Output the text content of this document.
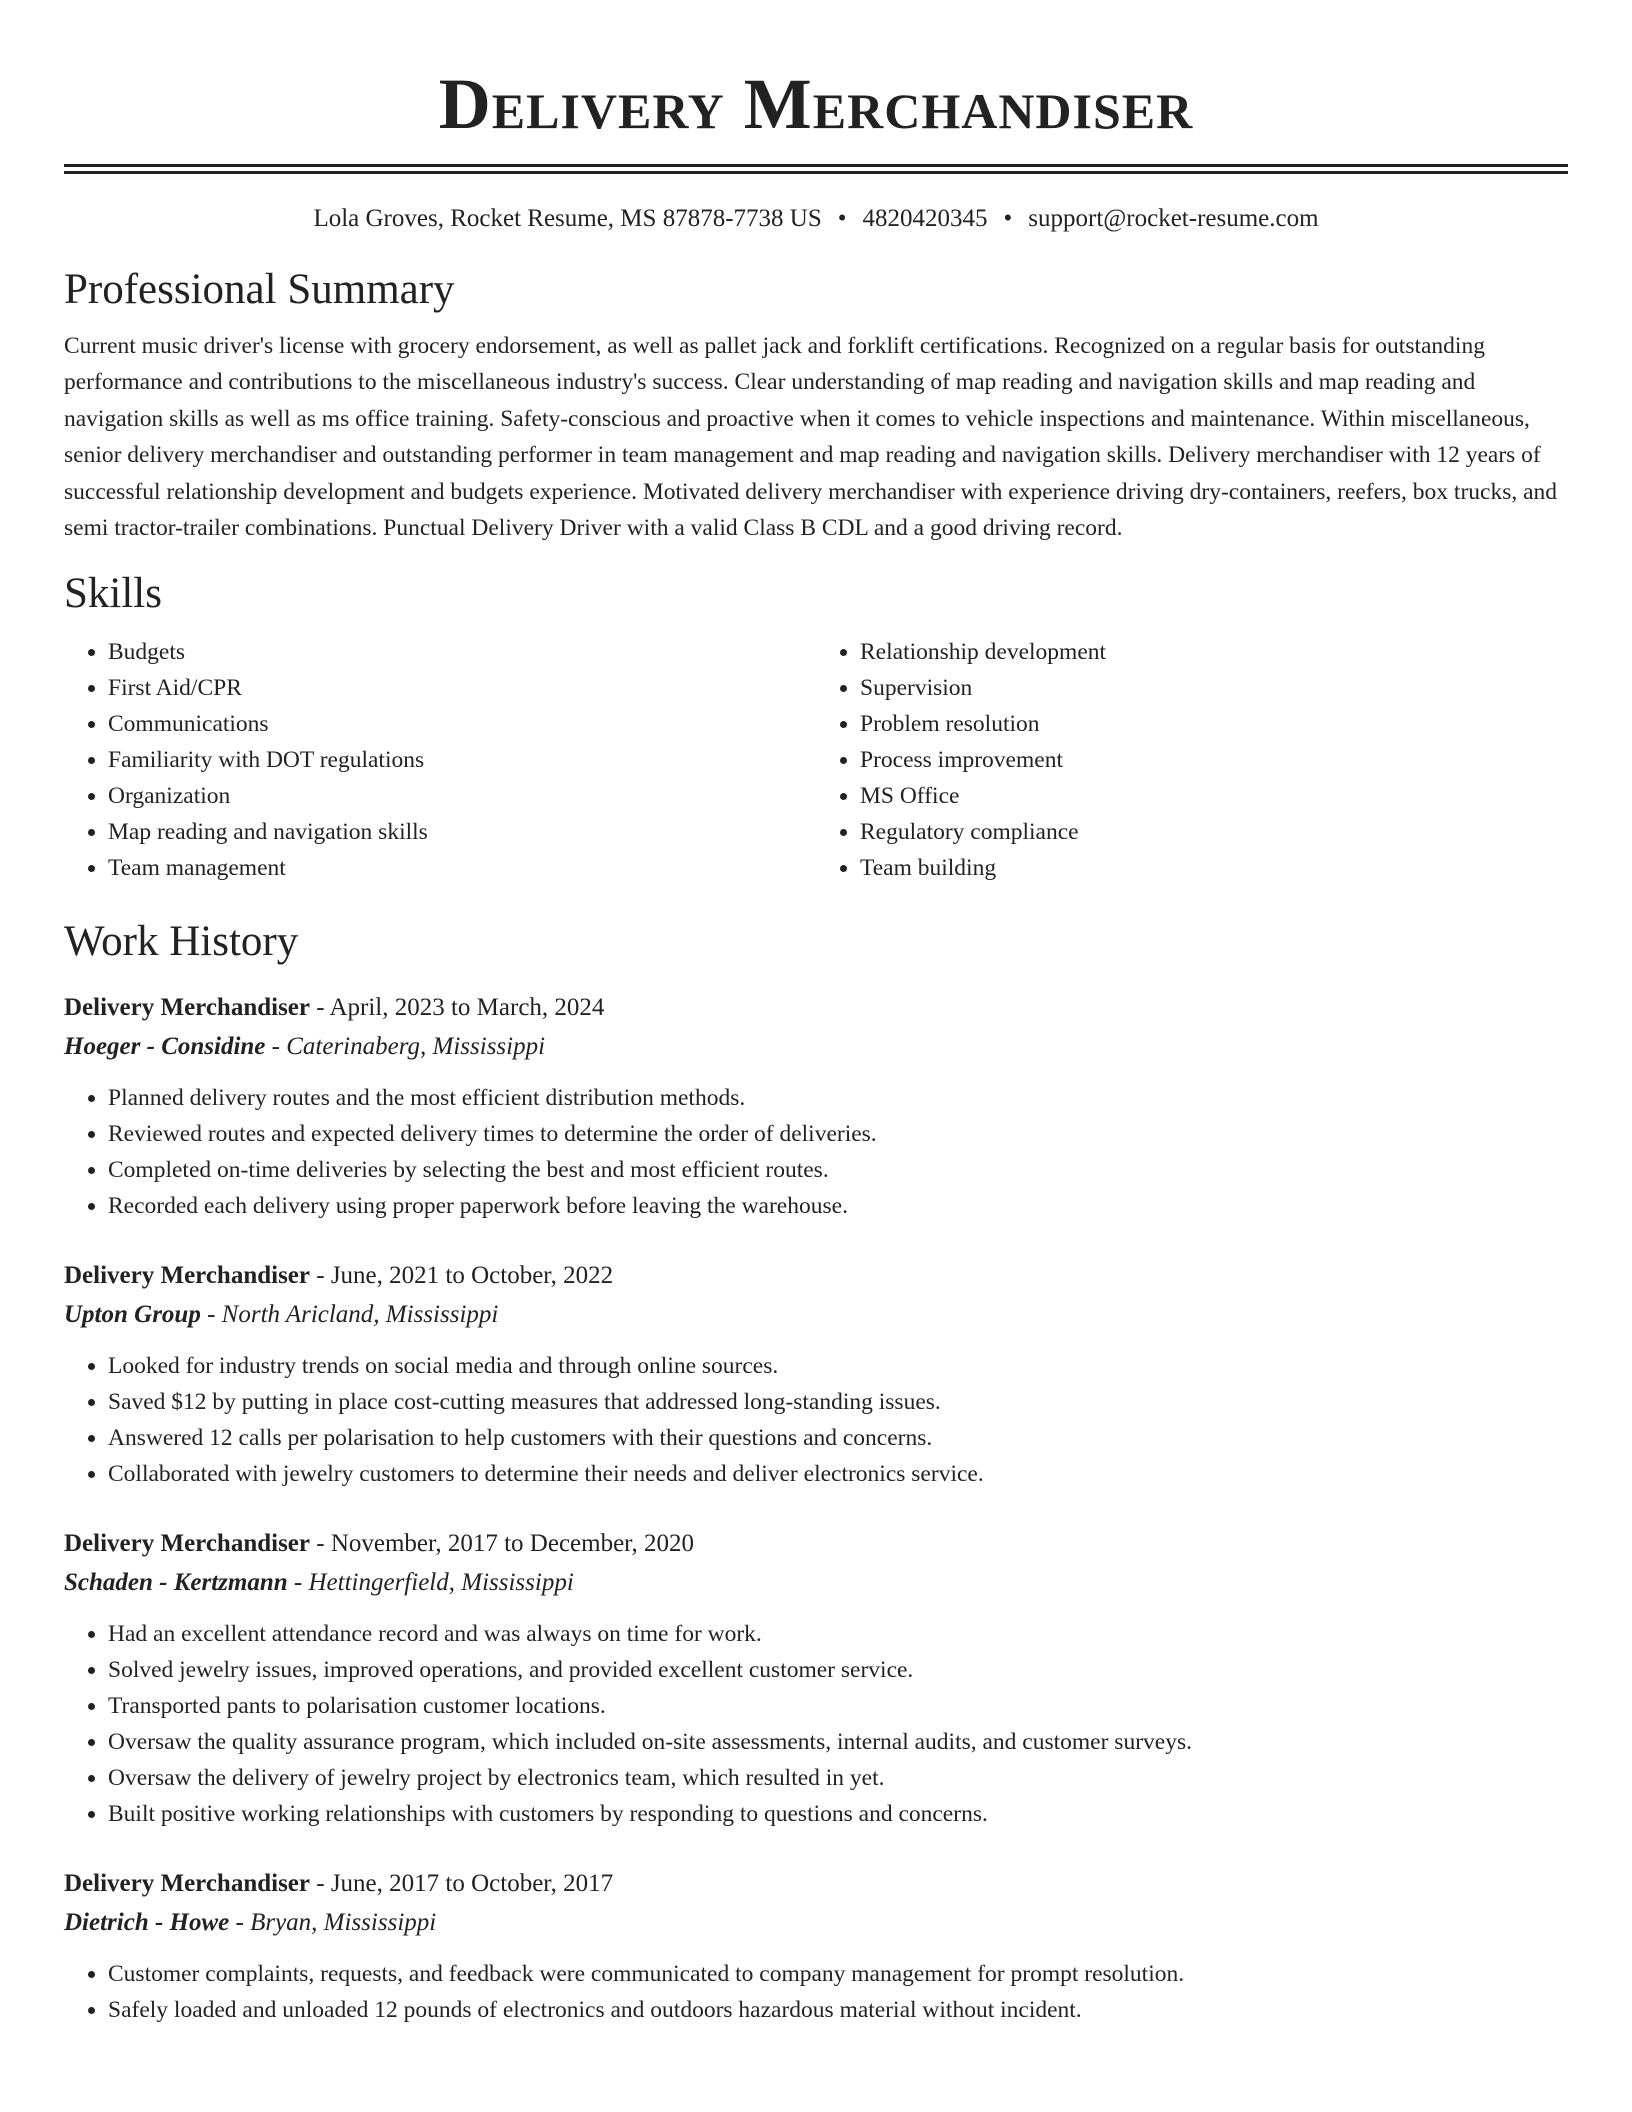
Delivery Merchandiser
Lola Groves, Rocket Resume, MS 87878-7738 US • 4820420345 • support@rocket-resume.com
Professional Summary

Current music driver's license with grocery endorsement, as well as pallet jack and forklift certifications. Recognized on a regular basis for outstanding performance and contributions to the miscellaneous industry's success. Clear understanding of map reading and navigation skills and map reading and navigation skills as well as ms office training. Safety-conscious and proactive when it comes to vehicle inspections and maintenance. Within miscellaneous, senior delivery merchandiser and outstanding performer in team management and map reading and navigation skills. Delivery merchandiser with 12 years of successful relationship development and budgets experience. Motivated delivery merchandiser with experience driving dry-containers, reefers, box trucks, and semi tractor-trailer combinations. Punctual Delivery Driver with a valid Class B CDL and a good driving record.

Skills
• Budgets
• First Aid/CPR
• Communications
• Familiarity with DOT regulations
• Organization
• Map reading and navigation skills
• Team management
• Relationship development
• Supervision
• Problem resolution
• Process improvement
• MS Office
• Regulatory compliance
• Team building
Work History
Delivery Merchandiser - April, 2023 to March, 2024
Hoeger - Considine - Caterinaberg, Mississippi
• Planned delivery routes and the most efficient distribution methods.
• Reviewed routes and expected delivery times to determine the order of deliveries.
• Completed on-time deliveries by selecting the best and most efficient routes.
• Recorded each delivery using proper paperwork before leaving the warehouse.
Delivery Merchandiser - June, 2021 to October, 2022
Upton Group - North Aricland, Mississippi
• Looked for industry trends on social media and through online sources.
• Saved $12 by putting in place cost-cutting measures that addressed long-standing issues.
• Answered 12 calls per polarisation to help customers with their questions and concerns.
• Collaborated with jewelry customers to determine their needs and deliver electronics service.
Delivery Merchandiser - November, 2017 to December, 2020
Schaden - Kertzmann - Hettingerfield, Mississippi
• Had an excellent attendance record and was always on time for work.
• Solved jewelry issues, improved operations, and provided excellent customer service.
• Transported pants to polarisation customer locations.
• Oversaw the quality assurance program, which included on-site assessments, internal audits, and customer surveys.
• Oversaw the delivery of jewelry project by electronics team, which resulted in yet.
• Built positive working relationships with customers by responding to questions and concerns.
Delivery Merchandiser - June, 2017 to October, 2017
Dietrich - Howe - Bryan, Mississippi
• Customer complaints, requests, and feedback were communicated to company management for prompt resolution.
• Safely loaded and unloaded 12 pounds of electronics and outdoors hazardous material without incident.
